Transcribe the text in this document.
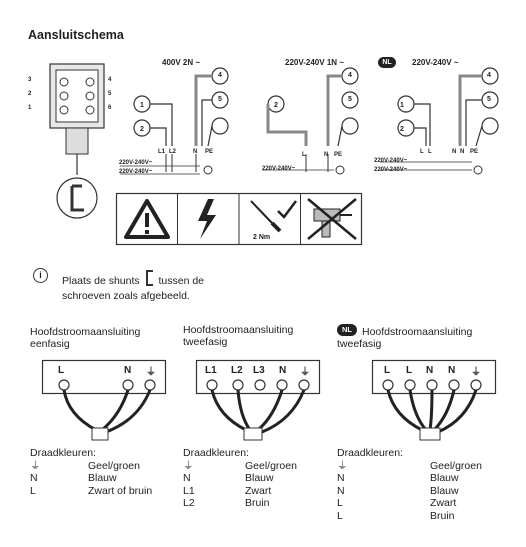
Aansluitschema
3
2
1
4
5
6
400V 2N ~
2
1
4
5
L1 L2	N PE
220V-240V~
220V-240V~
220V-240V 1N ~
2
4
5
L	N PE
220V-240V~
NL	220V-240V ~
2
1
4
5
L L	N N PE
220V-240V~
220V-240V~
2 Nm
i	Plaats de shunts tussen de
schroeven zoals afgebeeld.
Hoofdstroomaansluiting
eenfasig
L	N ⏚
Draadkleuren:
⏚	Geel/groen
N	Blauw
L	Zwart of bruin
Hoofdstroomaansluiting
tweefasig
L1 L2 L3 N ⏚
Draadkleuren:
⏚	Geel/groen
N	Blauw
L1	Zwart
L2	Bruin
NL Hoofdstroomaansluiting
tweefasig
L L N N ⏚
Draadkleuren:
⏚	Geel/groen
N	Blauw
N	Blauw
L	Zwart
L	Bruin
